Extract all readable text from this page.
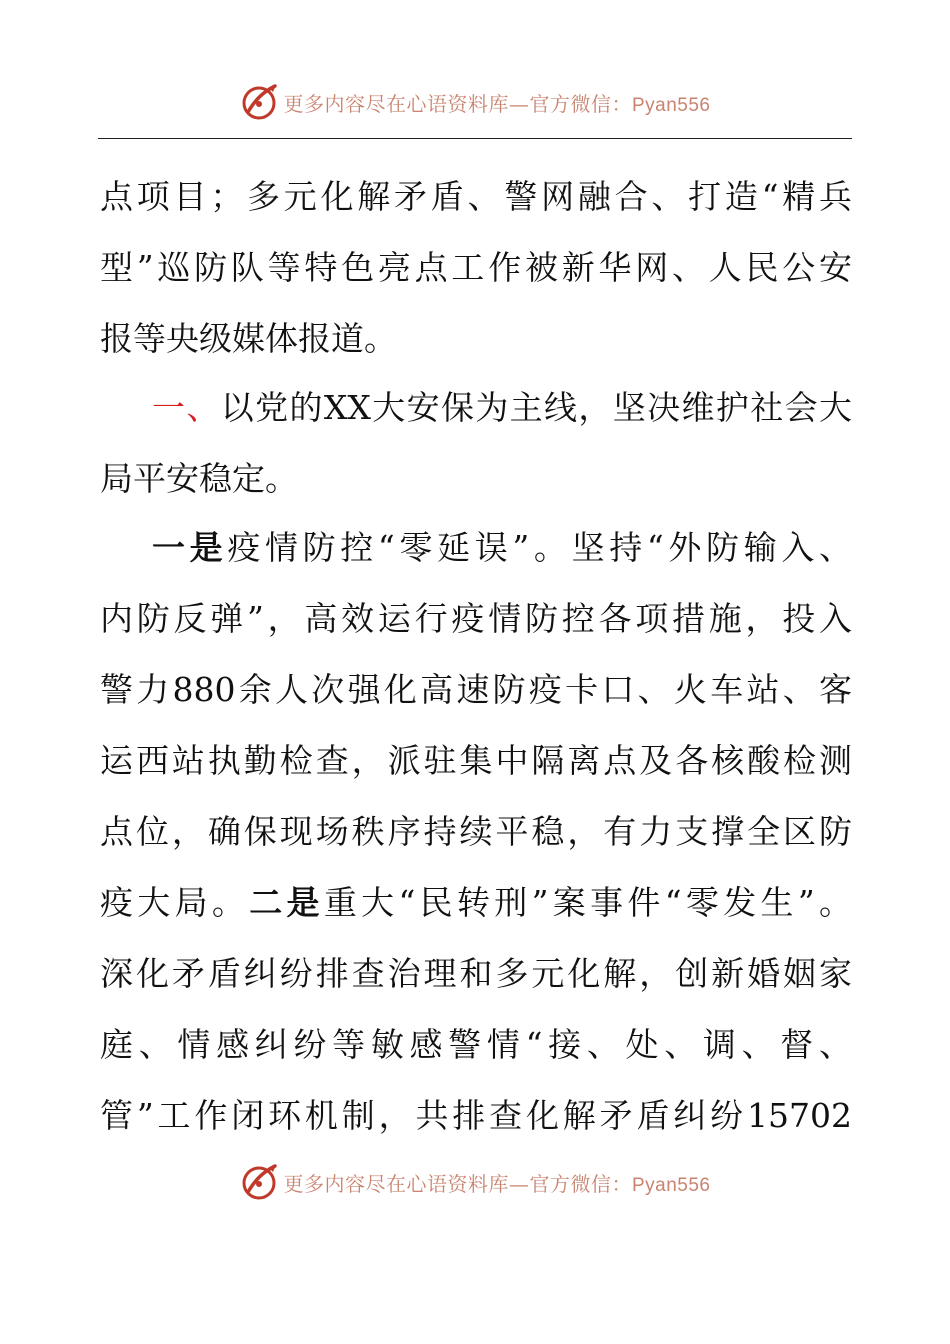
更多内容尽在心语资料库—官方微信：Pyan556
点项目；多元化解矛盾、警网融合、打造“精兵
型”巡防队等特色亮点工作被新华网、人民公安
报等央级媒体报道。
一、以党的XX大安保为主线，坚决维护社会大
局平安稳定。
一是疫情防控“零延误”。坚持“外防输入、
内防反弹”，高效运行疫情防控各项措施，投入
警力880余人次强化高速防疫卡口、火车站、客
运西站执勤检查，派驻集中隔离点及各核酸检测
点位，确保现场秩序持续平稳，有力支撑全区防
疫大局。二是重大“民转刑”案事件“零发生”。
深化矛盾纠纷排查治理和多元化解，创新婚姻家
庭、情感纠纷等敏感警情“接、处、调、督、
管”工作闭环机制，共排查化解矛盾纠纷15702
更多内容尽在心语资料库—官方微信：Pyan556
